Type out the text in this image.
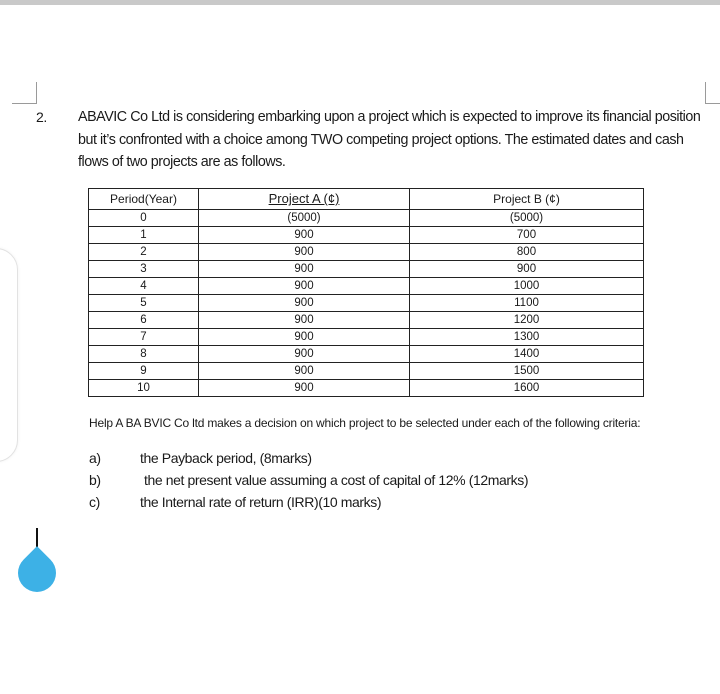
2. ABAVIC Co Ltd is considering embarking upon a project which is expected to improve its financial position but it’s confronted with a choice among TWO competing project options. The estimated dates and cash flows of two projects are as follows.

Period(Year)	Project A (¢)	Project B (¢)
0	(5000)	(5000)
1	900	700
2	900	800
3	900	900
4	900	1000
5	900	1100
6	900	1200
7	900	1300
8	900	1400
9	900	1500
10	900	1600

Help A BA BVIC Co ltd makes a decision on which project to be selected under each of the following criteria:

a)	the Payback period, (8marks)
b)	the net present value assuming a cost of capital of 12% (12marks)
c)	the Internal rate of return (IRR)(10 marks)
